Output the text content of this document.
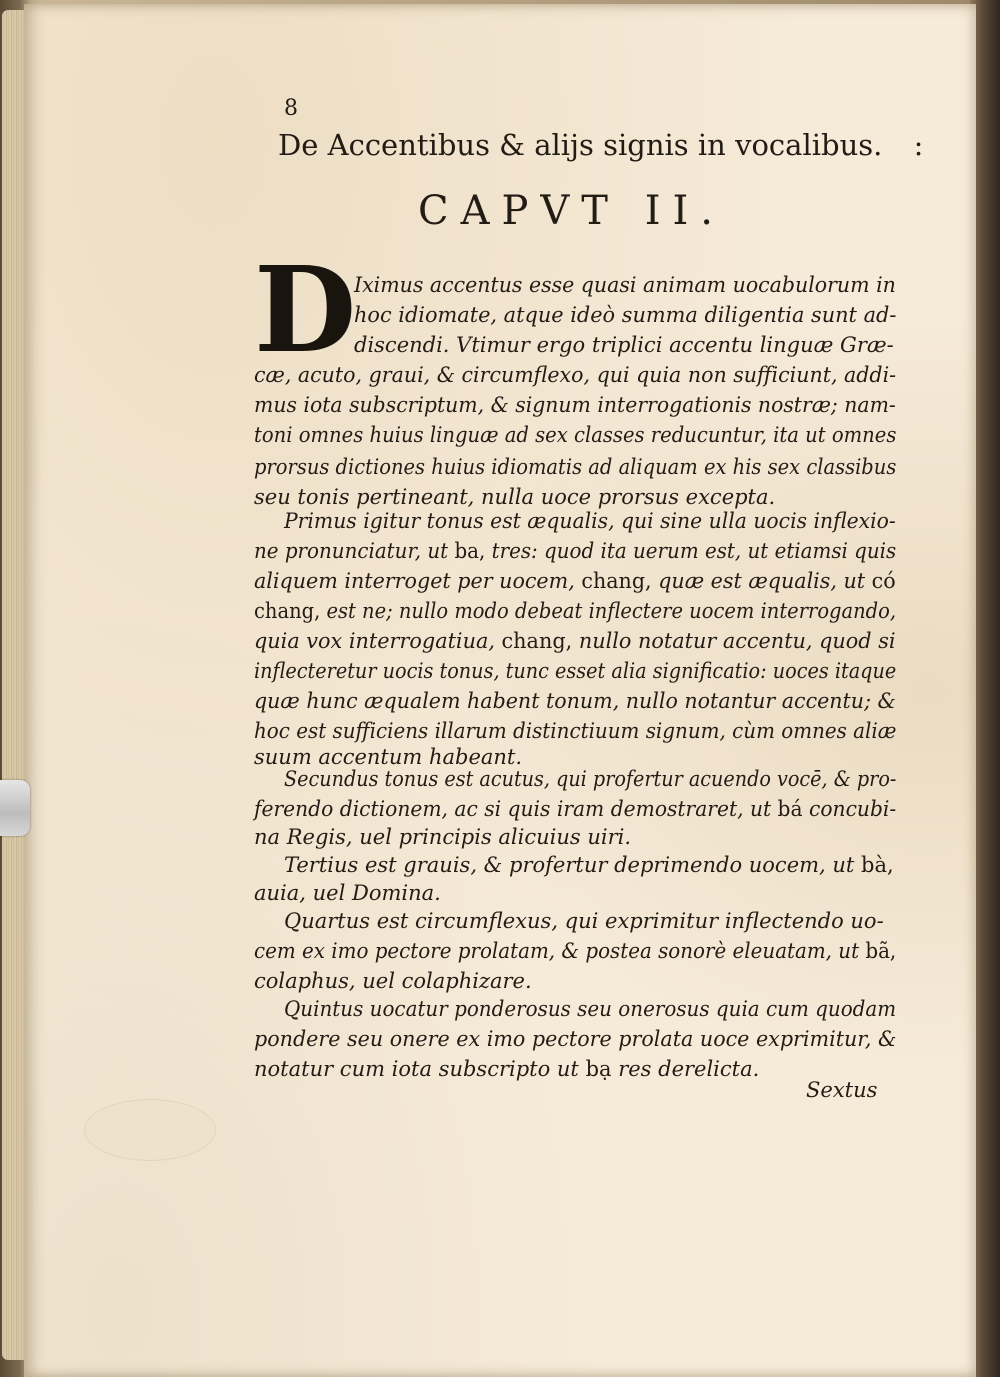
8
De Accentibus & alijs signis in vocalibus. :
CAPVT II.
D
Iximus accentus esse quasi animam uocabulorum in
hoc idiomate, atque ideò summa diligentia sunt ad-
discendi. Vtimur ergo triplici accentu linguæ Græ-
cæ, acuto, graui, & circumflexo, qui quia non sufficiunt, addi-
mus iota subscriptum, & signum interrogationis nostræ; nam-
toni omnes huius linguæ ad sex classes reducuntur, ita ut omnes
prorsus dictiones huius idiomatis ad aliquam ex his sex classibus
seu tonis pertineant, nulla uoce prorsus excepta.
Primus igitur tonus est æqualis, qui sine ulla uocis inflexio-
ne pronunciatur, ut ba, tres: quod ita uerum est, ut etiamsi quis
aliquem interroget per uocem, chang, quæ est æqualis, ut có
chang, est ne; nullo modo debeat inflectere uocem interrogando,
quia vox interrogatiua, chang, nullo notatur accentu, quod si
inflecteretur uocis tonus, tunc esset alia significatio: uoces itaque
quæ hunc æqualem habent tonum, nullo notantur accentu; &
hoc est sufficiens illarum distinctiuum signum, cùm omnes aliæ
suum accentum habeant.
Secundus tonus est acutus, qui profertur acuendo vocē, & pro-
ferendo dictionem, ac si quis iram demostraret, ut bá concubi-
na Regis, uel principis alicuius uiri.
Tertius est grauis, & profertur deprimendo uocem, ut bà,
auia, uel Domina.
Quartus est circumflexus, qui exprimitur inflectendo uo-
cem ex imo pectore prolatam, & postea sonorè eleuatam, ut bã,
colaphus, uel colaphizare.
Quintus uocatur ponderosus seu onerosus quia cum quodam
pondere seu onere ex imo pectore prolata uoce exprimitur, &
notatur cum iota subscripto ut bạ res derelicta.
Sextus
